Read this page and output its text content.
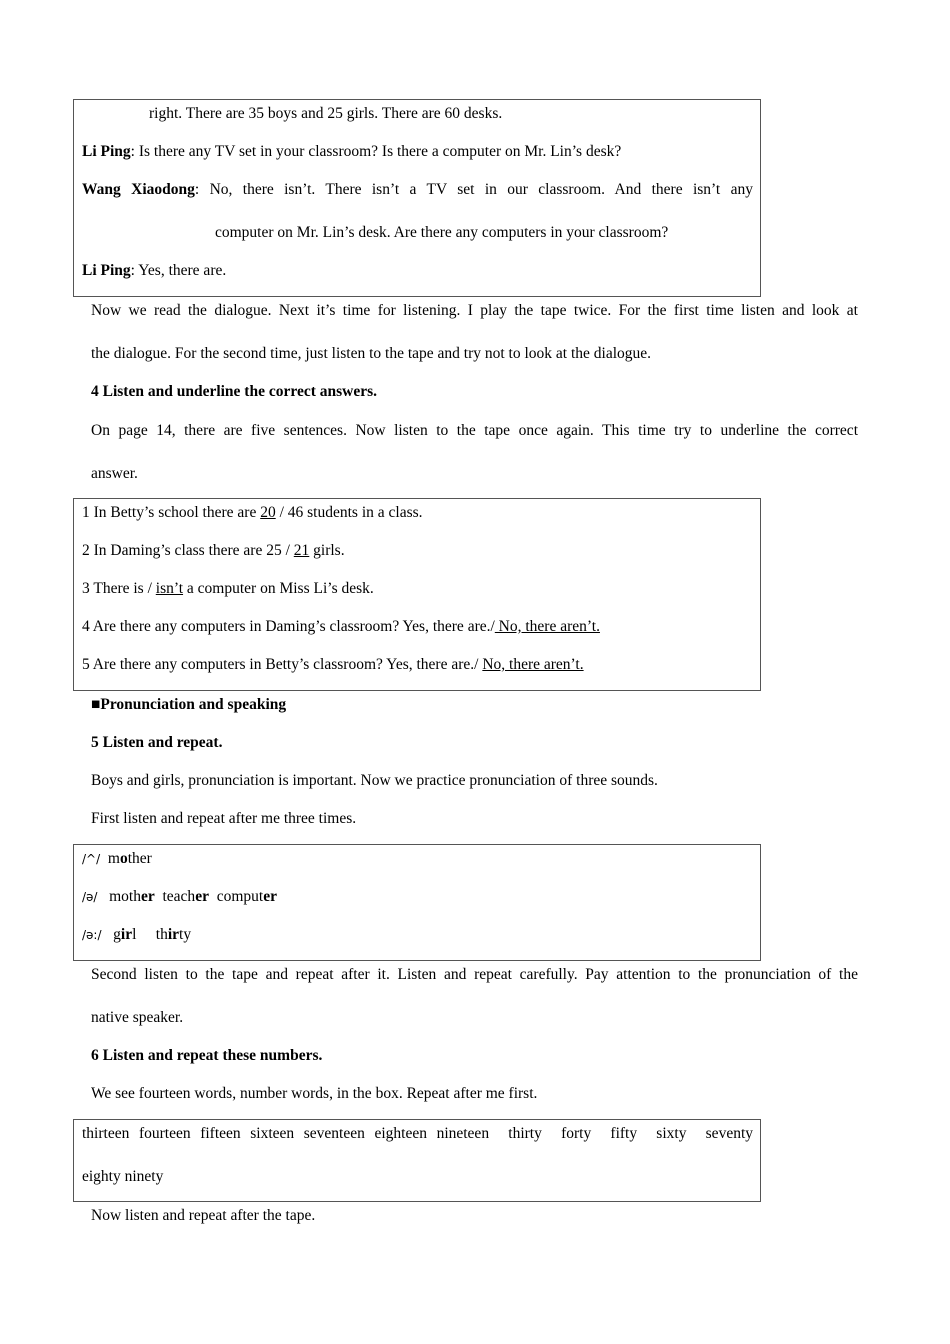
right. There are 35 boys and 25 girls. There are 60 desks.
Li Ping: Is there any TV set in your classroom? Is there a computer on Mr. Lin’s desk?
Wang Xiaodong: No, there isn’t. There isn’t a TV set in our classroom. And there isn’t any
computer on Mr. Lin’s desk. Are there any computers in your classroom?
Li Ping: Yes, there are.
Now we read the dialogue. Next it’s time for listening. I play the tape twice. For the first time listen and look at
the dialogue. For the second time, just listen to the tape and try not to look at the dialogue.
4 Listen and underline the correct answers.
On page 14, there are five sentences. Now listen to the tape once again. This time try to underline the correct
answer.
1 In Betty’s school there are 20 / 46 students in a class.
2 In Daming’s class there are 25 / 21 girls.
3 There is / isn’t a computer on Miss Li’s desk.
4 Are there any computers in Daming’s classroom? Yes, there are./ No, there aren’t.
5 Are there any computers in Betty’s classroom? Yes, there are./ No, there aren’t.
■Pronunciation and speaking
5 Listen and repeat.
Boys and girls, pronunciation is important. Now we practice pronunciation of three sounds.
First listen and repeat after me three times.
/^/ mother
/ə/ mother teacher computer
/ə:/ girl thirty
Second listen to the tape and repeat after it. Listen and repeat carefully. Pay attention to the pronunciation of the
native speaker.
6 Listen and repeat these numbers.
We see fourteen words, number words, in the box. Repeat after me first.
thirteen fourteen fifteen sixteen seventeen eighteen nineteen  thirty  forty  fifty  sixty  seventy
eighty ninety
Now listen and repeat after the tape.
